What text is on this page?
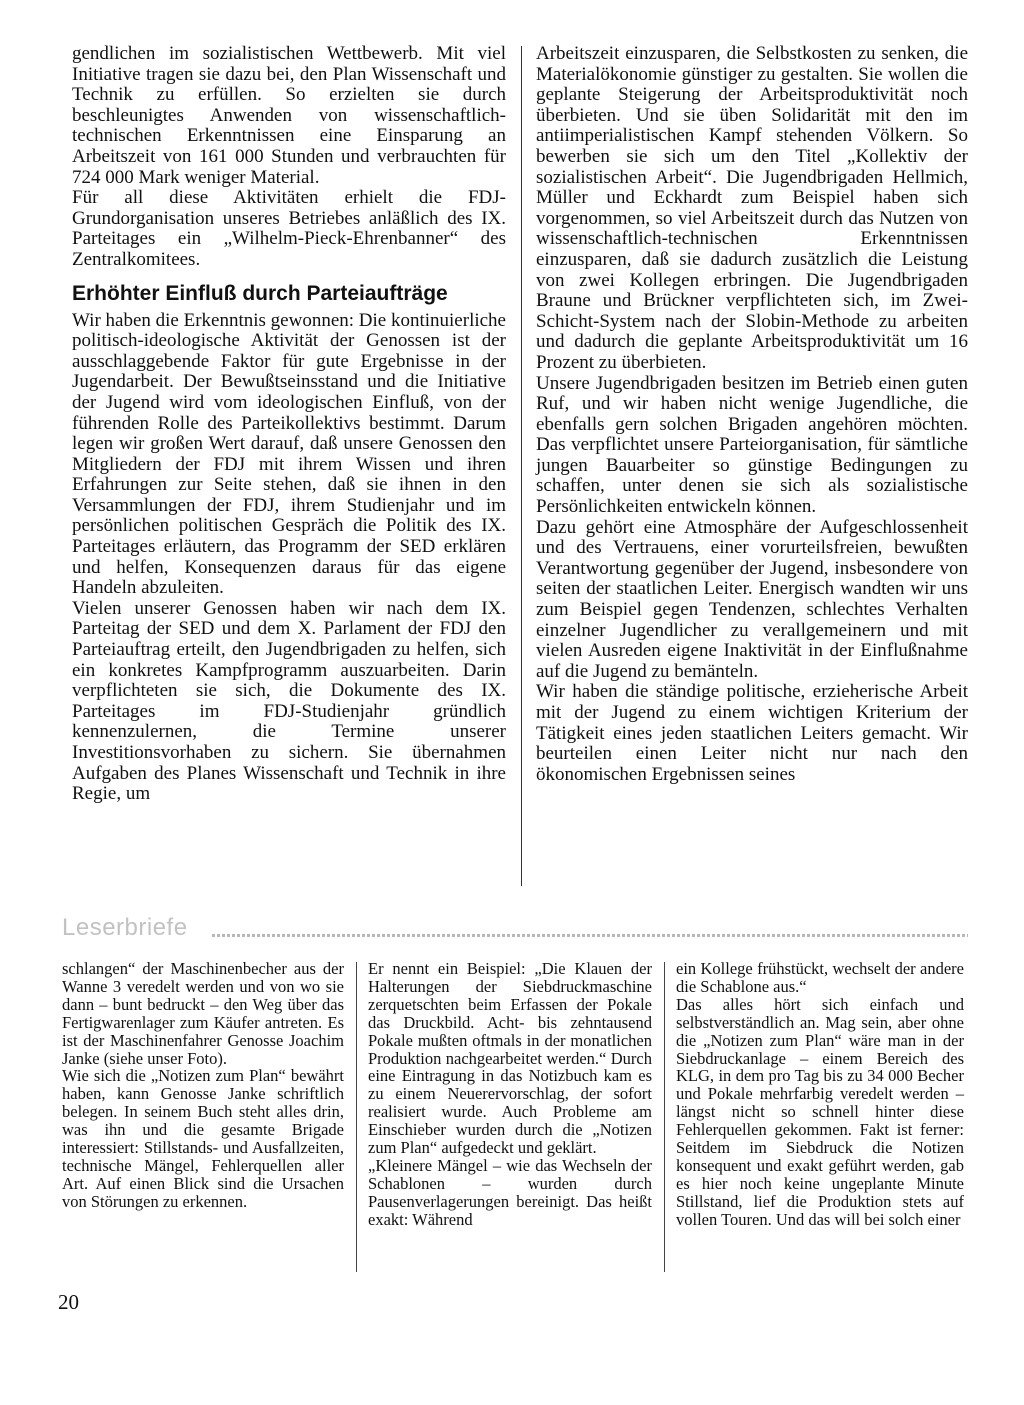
gendlichen im sozialistischen Wettbewerb. Mit viel Initiative tragen sie dazu bei, den Plan Wissenschaft und Technik zu erfüllen. So erzielten sie durch beschleunigtes Anwenden von wissenschaftlich-technischen Erkenntnissen eine Einsparung an Arbeitszeit von 161 000 Stunden und verbrauchten für 724 000 Mark weniger Material.

Für all diese Aktivitäten erhielt die FDJ-Grundorganisation unseres Betriebes anläßlich des IX. Parteitages ein „Wilhelm-Pieck-Ehrenbanner“ des Zentralkomitees.

Erhöhter Einfluß durch Parteiaufträge

Wir haben die Erkenntnis gewonnen: Die kontinuierliche politisch-ideologische Aktivität der Genossen ist der ausschlaggebende Faktor für gute Ergebnisse in der Jugendarbeit. Der Bewußtseinsstand und die Initiative der Jugend wird vom ideologischen Einfluß, von der führenden Rolle des Parteikollektivs bestimmt. Darum legen wir großen Wert darauf, daß unsere Genossen den Mitgliedern der FDJ mit ihrem Wissen und ihren Erfahrungen zur Seite stehen, daß sie ihnen in den Versammlungen der FDJ, ihrem Studienjahr und im persönlichen politischen Gespräch die Politik des IX. Parteitages erläutern, das Programm der SED erklären und helfen, Konsequenzen daraus für das eigene Handeln abzuleiten.

Vielen unserer Genossen haben wir nach dem IX. Parteitag der SED und dem X. Parlament der FDJ den Parteiauftrag erteilt, den Jugendbrigaden zu helfen, sich ein konkretes Kampfprogramm auszuarbeiten. Darin verpflichteten sie sich, die Dokumente des IX. Parteitages im FDJ-Studienjahr gründlich kennenzulernen, die Termine unserer Investitionsvorhaben zu sichern. Sie übernahmen Aufgaben des Planes Wissenschaft und Technik in ihre Regie, um

Arbeitszeit einzusparen, die Selbstkosten zu senken, die Materialökonomie günstiger zu gestalten. Sie wollen die geplante Steigerung der Arbeitsproduktivität noch überbieten. Und sie üben Solidarität mit den im antiimperialistischen Kampf stehenden Völkern. So bewerben sie sich um den Titel „Kollektiv der sozialistischen Arbeit“. Die Jugendbrigaden Hellmich, Müller und Eckhardt zum Beispiel haben sich vorgenommen, so viel Arbeitszeit durch das Nutzen von wissenschaftlich-technischen Erkenntnissen einzusparen, daß sie dadurch zusätzlich die Leistung von zwei Kollegen erbringen. Die Jugendbrigaden Braune und Brückner verpflichteten sich, im Zwei-Schicht-System nach der Slobin-Methode zu arbeiten und dadurch die geplante Arbeitsproduktivität um 16 Prozent zu überbieten.

Unsere Jugendbrigaden besitzen im Betrieb einen guten Ruf, und wir haben nicht wenige Jugendliche, die ebenfalls gern solchen Brigaden angehören möchten. Das verpflichtet unsere Parteiorganisation, für sämtliche jungen Bauarbeiter so günstige Bedingungen zu schaffen, unter denen sie sich als sozialistische Persönlichkeiten entwickeln können.

Dazu gehört eine Atmosphäre der Aufgeschlossenheit und des Vertrauens, einer vorurteilsfreien, bewußten Verantwortung gegenüber der Jugend, insbesondere von seiten der staatlichen Leiter. Energisch wandten wir uns zum Beispiel gegen Tendenzen, schlechtes Verhalten einzelner Jugendlicher zu verallgemeinern und mit vielen Ausreden eigene Inaktivität in der Einflußnahme auf die Jugend zu bemänteln.

Wir haben die ständige politische, erzieherische Arbeit mit der Jugend zu einem wichtigen Kriterium der Tätigkeit eines jeden staatlichen Leiters gemacht. Wir beurteilen einen Leiter nicht nur nach den ökonomischen Ergebnissen seines

Leserbriefe

schlangen“ der Maschinenbecher aus der Wanne 3 veredelt werden und von wo sie dann – bunt bedruckt – den Weg über das Fertigwarenlager zum Käufer antreten. Es ist der Maschinenfahrer Genosse Joachim Janke (siehe unser Foto).

Wie sich die „Notizen zum Plan“ bewährt haben, kann Genosse Janke schriftlich belegen. In seinem Buch steht alles drin, was ihn und die gesamte Brigade interessiert: Stillstands- und Ausfallzeiten, technische Mängel, Fehlerquellen aller Art. Auf einen Blick sind die Ursachen von Störungen zu erkennen.

Er nennt ein Beispiel: „Die Klauen der Halterungen der Siebdruckmaschine zerquetschten beim Erfassen der Pokale das Druckbild. Acht- bis zehntausend Pokale mußten oftmals in der monatlichen Produktion nachgearbeitet werden.“ Durch eine Eintragung in das Notizbuch kam es zu einem Neuerervorschlag, der sofort realisiert wurde. Auch Probleme am Einschieber wurden durch die „Notizen zum Plan“ aufgedeckt und geklärt.

„Kleinere Mängel – wie das Wechseln der Schablonen – wurden durch Pausenverlagerungen bereinigt. Das heißt exakt: Während

ein Kollege frühstückt, wechselt der andere die Schablone aus.“

Das alles hört sich einfach und selbstverständlich an. Mag sein, aber ohne die „Notizen zum Plan“ wäre man in der Siebdruckanlage – einem Bereich des KLG, in dem pro Tag bis zu 34 000 Becher und Pokale mehrfarbig veredelt werden – längst nicht so schnell hinter diese Fehlerquellen gekommen. Fakt ist ferner: Seitdem im Siebdruck die Notizen konsequent und exakt geführt werden, gab es hier noch keine ungeplante Minute Stillstand, lief die Produktion stets auf vollen Touren. Und das will bei solch einer

20
